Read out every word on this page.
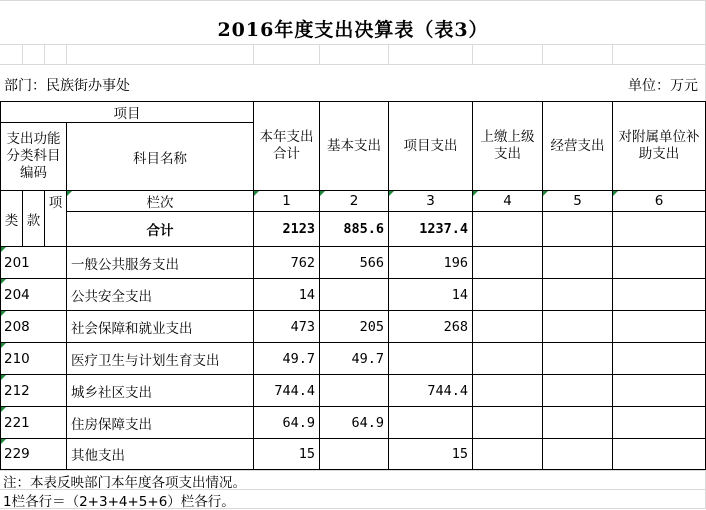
2016年度支出决算表（表3）
部门：民族街办事处	单位：万元
项目				本年支出合计	基本支出	项目支出	上缴上级支出	经营支出	对附属单位补助支出
支出功能分类科目编码			科目名称						
类	款	项	栏次	1	2	3	4	5	6
			合计	2123	885.6	1237.4			
201			一般公共服务支出	762	566	196			
204			公共安全支出	14		14			
208			社会保障和就业支出	473	205	268			
210			医疗卫生与计划生育支出	49.7	49.7				
212			城乡社区支出	744.4		744.4			
221			住房保障支出	64.9	64.9				
229			其他支出	15		15			
注：本表反映部门本年度各项支出情况。
1栏各行＝（2+3+4+5+6）栏各行。
